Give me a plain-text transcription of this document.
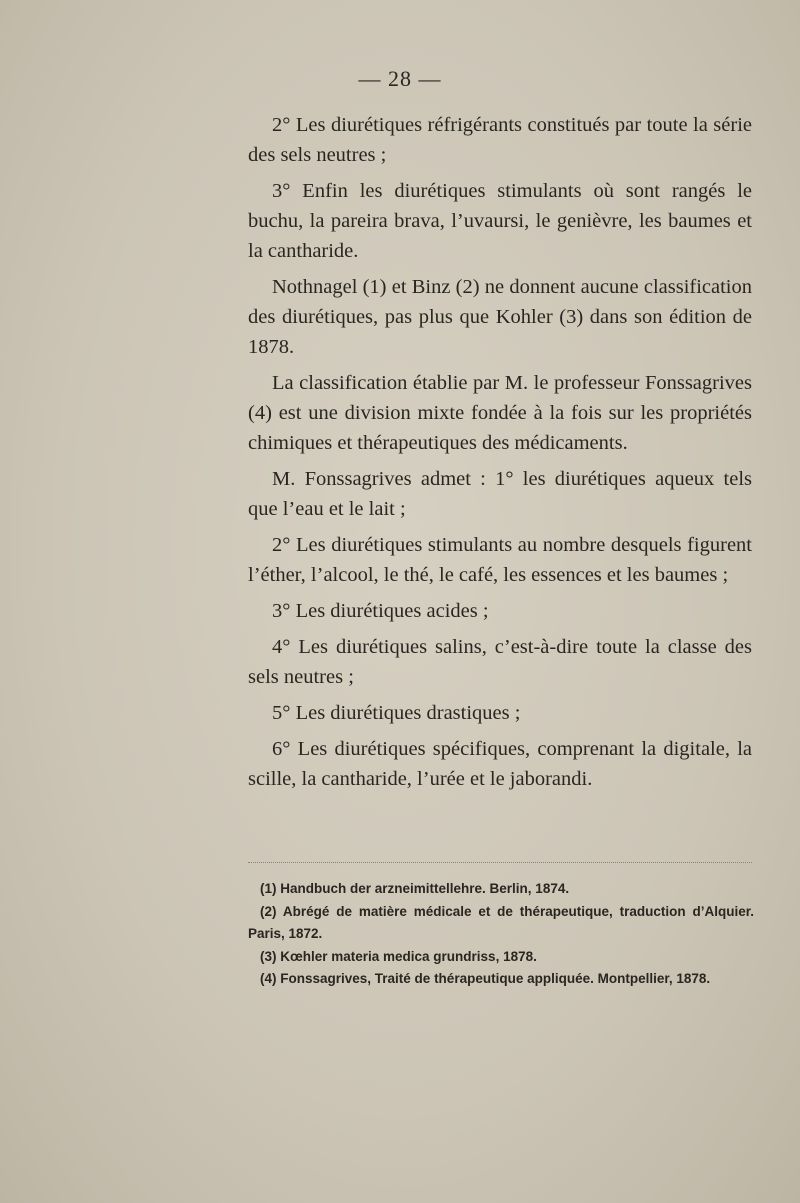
— 28 —

2° Les diurétiques réfrigérants constitués par toute la série des sels neutres ;

3° Enfin les diurétiques stimulants où sont rangés le buchu, la pareira brava, l’uvaursi, le genièvre, les baumes et la cantharide.

Nothnagel (1) et Binz (2) ne donnent aucune classification des diurétiques, pas plus que Kohler (3) dans son édition de 1878.

La classification établie par M. le professeur Fonssagrives (4) est une division mixte fondée à la fois sur les propriétés chimiques et thérapeutiques des médicaments.

M. Fonssagrives admet : 1° les diurétiques aqueux tels que l’eau et le lait ;

2° Les diurétiques stimulants au nombre desquels figurent l’éther, l’alcool, le thé, le café, les essences et les baumes ;

3° Les diurétiques acides ;

4° Les diurétiques salins, c’est-à-dire toute la classe des sels neutres ;

5° Les diurétiques drastiques ;

6° Les diurétiques spécifiques, comprenant la digitale, la scille, la cantharide, l’urée et le jaborandi.

(1) Handbuch der arzneimittellehre. Berlin, 1874.

(2) Abrégé de matière médicale et de thérapeutique, traduction d’Alquier. Paris, 1872.

(3) Kœhler materia medica grundriss, 1878.

(4) Fonssagrives, Traité de thérapeutique appliquée. Montpellier, 1878.
